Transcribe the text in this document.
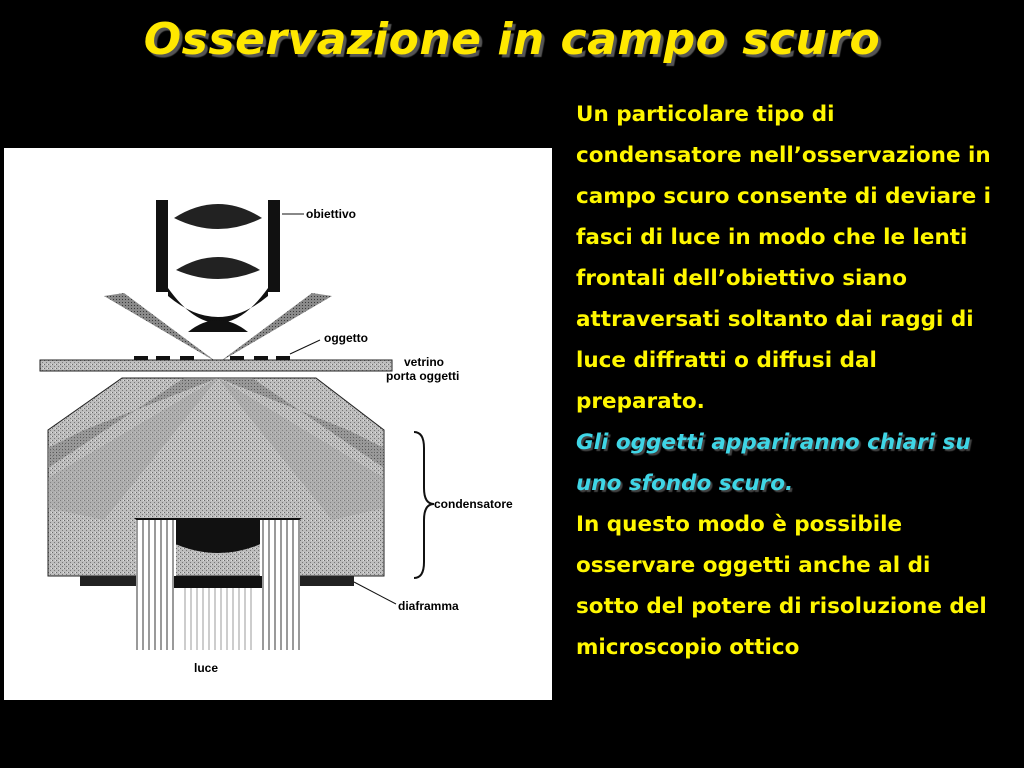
Osservazione in campo scuro
obiettivo
oggetto
vetrino
porta oggetti
condensatore
diaframma
luce

Un particolare tipo di condensatore nell’osservazione in campo scuro consente di deviare i fasci di luce in modo che le lenti frontali dell’obiettivo siano attraversati soltanto dai raggi di luce diffratti o diffusi dal preparato.

Gli oggetti appariranno chiari su uno sfondo scuro.

In questo modo è possibile osservare oggetti anche al di sotto del potere di risoluzione del microscopio ottico
